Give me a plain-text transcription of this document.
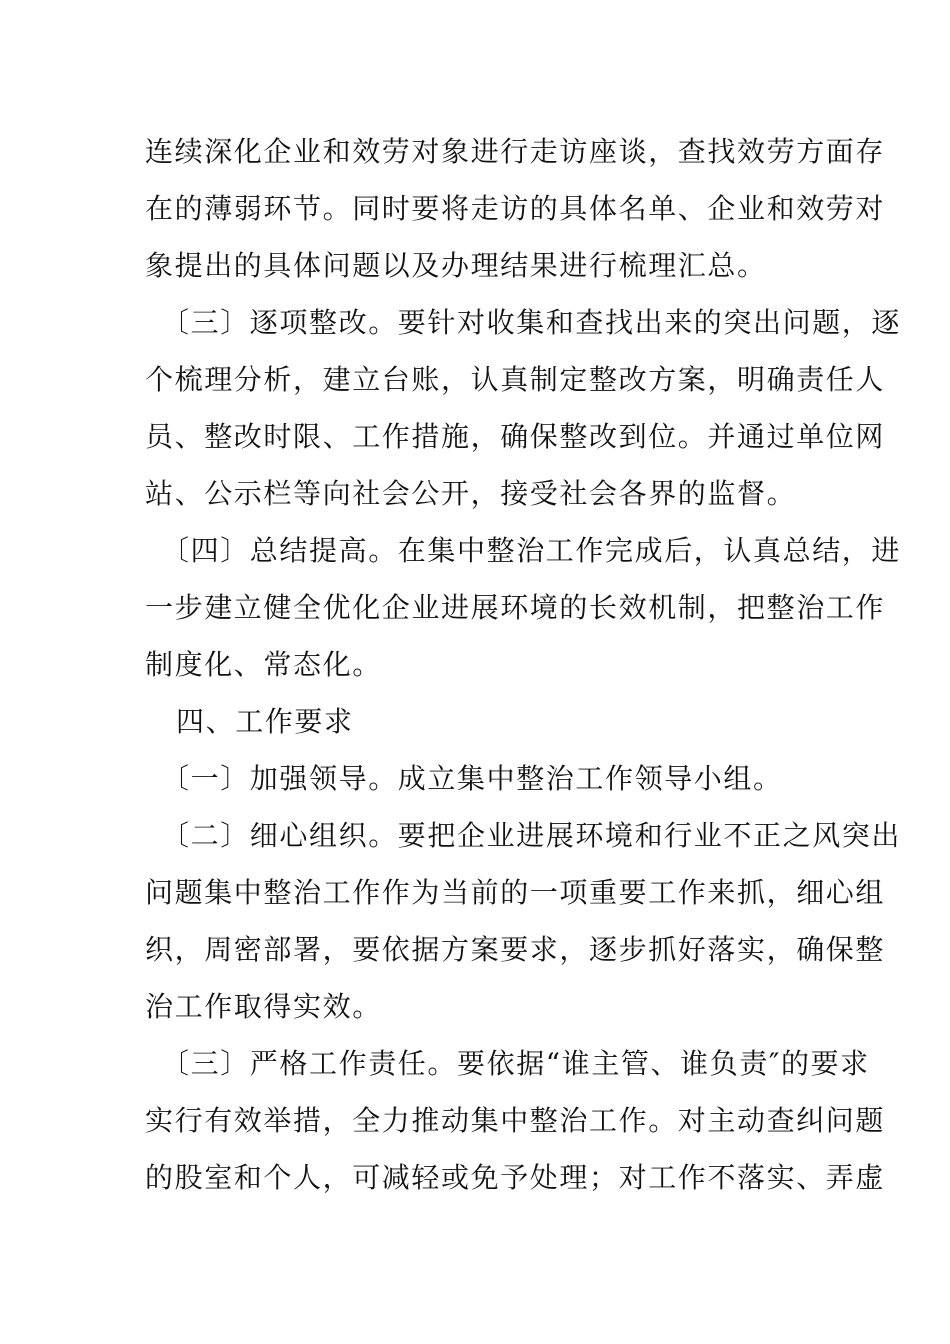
连续深化企业和效劳对象进行走访座谈，查找效劳方面存
在的薄弱环节。同时要将走访的具体名单、企业和效劳对
象提出的具体问题以及办理结果进行梳理汇总。
〔三〕逐项整改。要针对收集和查找出来的突出问题，逐
个梳理分析，建立台账，认真制定整改方案，明确责任人
员、整改时限、工作措施，确保整改到位。并通过单位网
站、公示栏等向社会公开，接受社会各界的监督。
〔四〕总结提高。在集中整治工作完成后，认真总结，进
一步建立健全优化企业进展环境的长效机制，把整治工作
制度化、常态化。
四、工作要求
〔一〕加强领导。成立集中整治工作领导小组。
〔二〕细心组织。要把企业进展环境和行业不正之风突出
问题集中整治工作作为当前的一项重要工作来抓，细心组
织，周密部署，要依据方案要求，逐步抓好落实，确保整
治工作取得实效。
〔三〕严格工作责任。要依据“谁主管、谁负责″的要求
实行有效举措，全力推动集中整治工作。对主动查纠问题
的股室和个人，可减轻或免予处理；对工作不落实、弄虚
